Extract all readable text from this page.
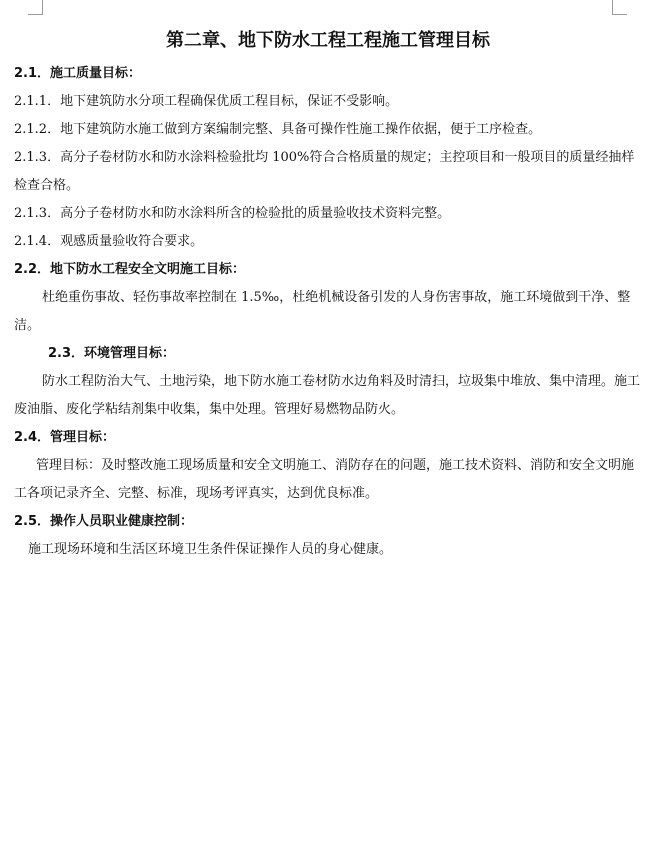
第二章、地下防水工程工程施工管理目标

2.1．施工质量目标：

2.1.1．地下建筑防水分项工程确保优质工程目标，保证不受影响。

2.1.2．地下建筑防水施工做到方案编制完整、具备可操作性施工操作依据，便于工序检查。

2.1.3．高分子卷材防水和防水涂料检验批均 100%符合合格质量的规定；主控项目和一般项目的质量经抽样检查合格。

2.1.3．高分子卷材防水和防水涂料所含的检验批的质量验收技术资料完整。

2.1.4．观感质量验收符合要求。

2.2．地下防水工程安全文明施工目标：

杜绝重伤事故、轻伤事故率控制在 1.5‰，杜绝机械设备引发的人身伤害事故，施工环境做到干净、整洁。

2.3．环境管理目标：

防水工程防治大气、土地污染，地下防水施工卷材防水边角料及时清扫，垃圾集中堆放、集中清理。施工废油脂、废化学粘结剂集中收集，集中处理。管理好易燃物品防火。

2.4．管理目标：

管理目标：及时整改施工现场质量和安全文明施工、消防存在的问题，施工技术资料、消防和安全文明施工各项记录齐全、完整、标准，现场考评真实，达到优良标准。

2.5．操作人员职业健康控制：

施工现场环境和生活区环境卫生条件保证操作人员的身心健康。
